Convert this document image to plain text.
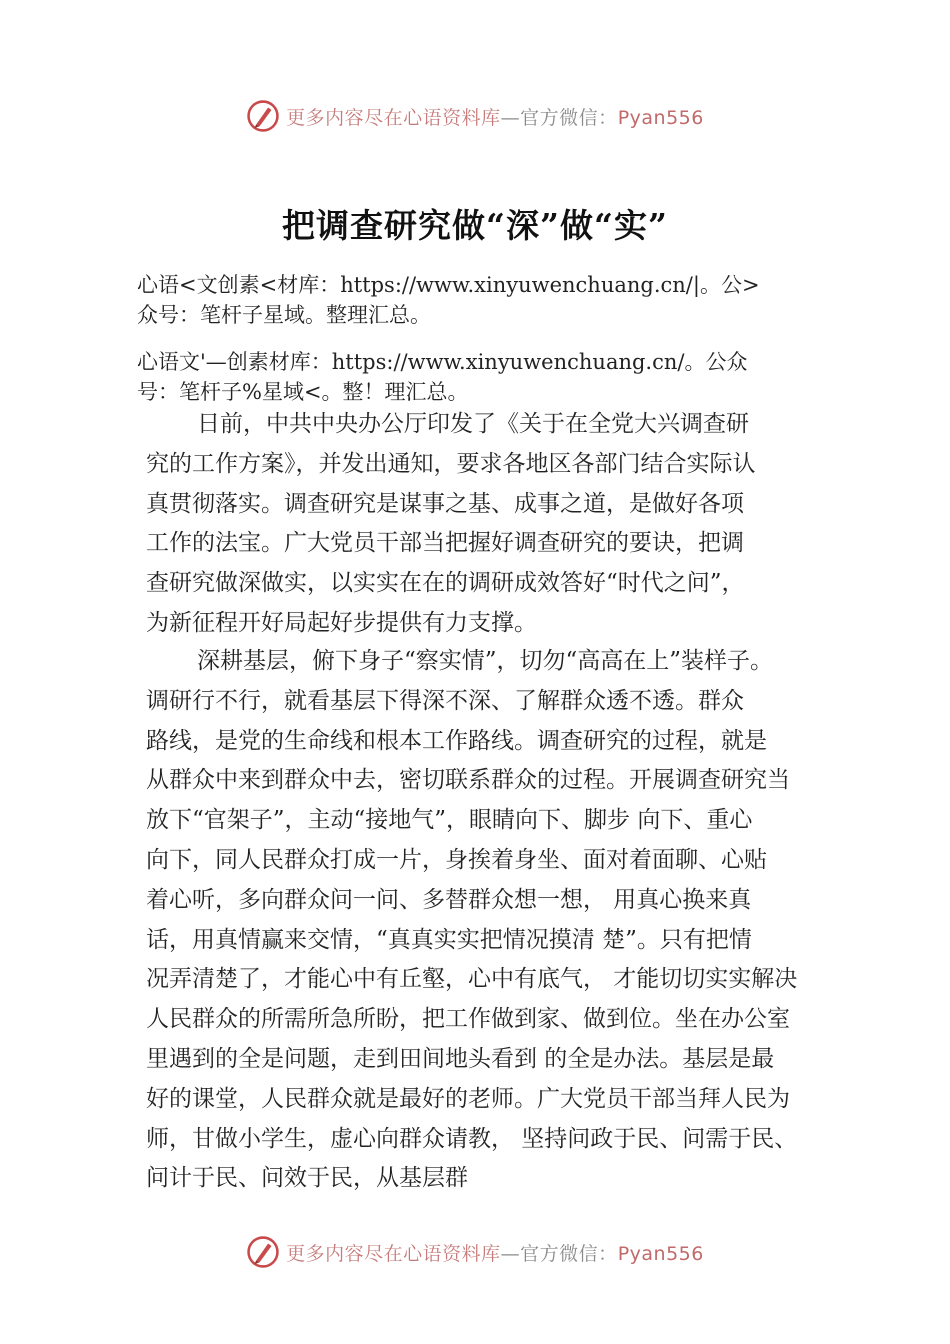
更多内容尽在心语资料库—官方微信：Pyan556
把调查研究做“深”做“实”
心语<文创素<材库：https://www.xinyuwenchuang.cn/|。公>
众号：笔杆子星域。整理汇总。
心语文'—创素材库：https://www.xinyuwenchuang.cn/。公众
号：笔杆子%星域<。整！理汇总。
日前，中共中央办公厅印发了《关于在全党大兴调查研
究的工作方案》，并发出通知，要求各地区各部门结合实际认
真贯彻落实。调查研究是谋事之基、成事之道，是做好各项
工作的法宝。广大党员干部当把握好调查研究的要诀，把调
查研究做深做实，以实实在在的调研成效答好“时代之问”，
为新征程开好局起好步提供有力支撑。
深耕基层，俯下身子“察实情”，切勿“高高在上”装样子。
调研行不行，就看基层下得深不深、了解群众透不透。群众
路线，是党的生命线和根本工作路线。调查研究的过程，就是
从群众中来到群众中去，密切联系群众的过程。开展调查研究当
放下“官架子”，主动“接地气”，眼睛向下、脚步 向下、重心
向下，同人民群众打成一片，身挨着身坐、面对着面聊、心贴
着心听，多向群众问一问、多替群众想一想， 用真心换来真
话，用真情赢来交情，“真真实实把情况摸清 楚”。只有把情
况弄清楚了，才能心中有丘壑，心中有底气， 才能切切实实解决
人民群众的所需所急所盼，把工作做到家、做到位。坐在办公室
里遇到的全是问题，走到田间地头看到 的全是办法。基层是最
好的课堂，人民群众就是最好的老师。广大党员干部当拜人民为
师，甘做小学生，虚心向群众请教， 坚持问政于民、问需于民、
问计于民、问效于民，从基层群
更多内容尽在心语资料库—官方微信：Pyan556
